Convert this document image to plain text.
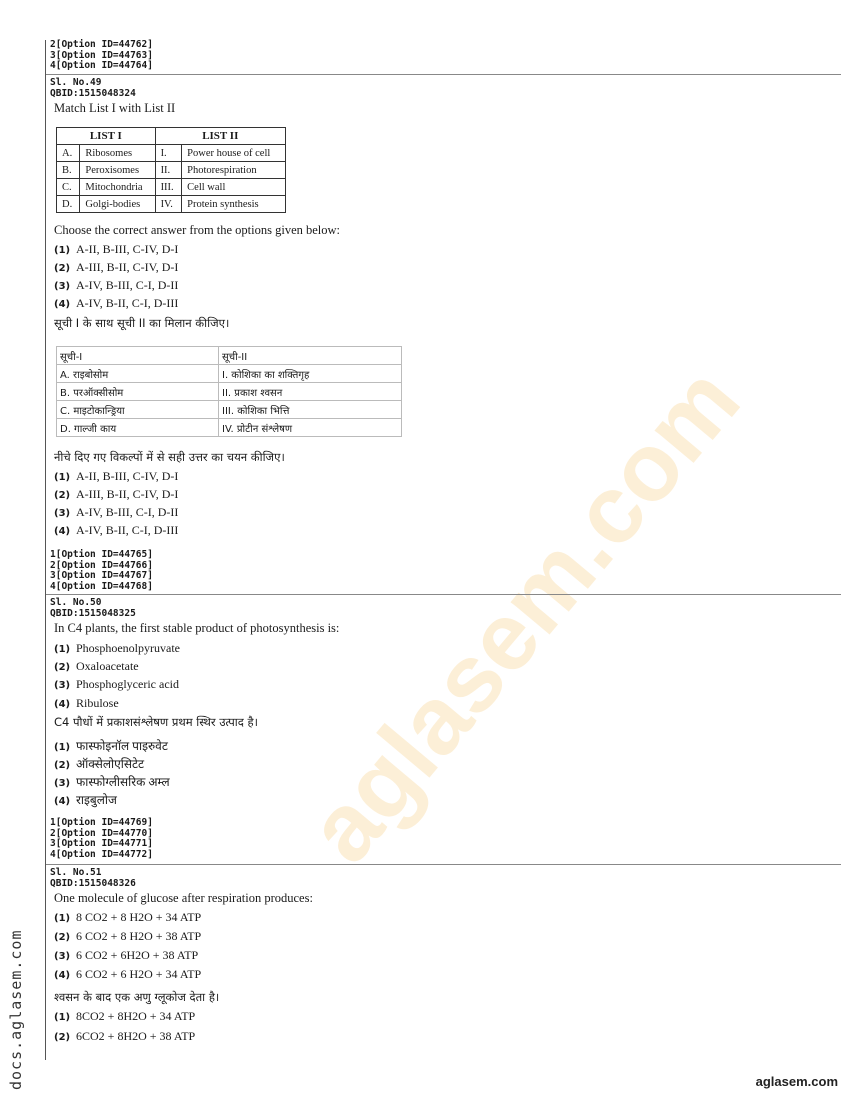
aglasem.com
docs.aglasem.com
2[Option ID=44762]
3[Option ID=44763]
4[Option ID=44764]
Sl. No.49
QBID:1515048324
Match List I with List II
LIST I		LIST II	
A.	Ribosomes	I.	Power house of cell
B.	Peroxisomes	II.	Photorespiration
C.	Mitochondria	III.	Cell wall
D.	Golgi-bodies	IV.	Protein synthesis
Choose the correct answer from the options given below:
(1) A-II, B-III, C-IV, D-I
(2) A-III, B-II, C-IV, D-I
(3) A-IV, B-III, C-I, D-II
(4) A-IV, B-II, C-I, D-III
सूची I के साथ सूची II का मिलान कीजिए।
सूची-I	सूची-II
A. राइबोसोम	I. कोशिका का शक्तिगृह
B. परऑक्सीसोम	II. प्रकाश श्वसन
C. माइटोकान्ड्रिया	III. कोशिका भित्ति
D. गाल्जी काय	IV. प्रोटीन संश्लेषण
नीचे दिए गए विकल्पों में से सही उत्तर का चयन कीजिए।
(1) A-II, B-III, C-IV, D-I
(2) A-III, B-II, C-IV, D-I
(3) A-IV, B-III, C-I, D-II
(4) A-IV, B-II, C-I, D-III
1[Option ID=44765]
2[Option ID=44766]
3[Option ID=44767]
4[Option ID=44768]
Sl. No.50
QBID:1515048325
In C4 plants, the first stable product of photosynthesis is:
(1) Phosphoenolpyruvate
(2) Oxaloacetate
(3) Phosphoglyceric acid
(4) Ribulose
C4 पौधों में प्रकाशसंश्लेषण प्रथम स्थिर उत्पाद है।
(1) फास्फोइनॉल पाइरुवेट
(2) ऑक्सेलोएसिटेट
(3) फास्फोग्लीसरिक अम्ल
(4) राइबुलोज
1[Option ID=44769]
2[Option ID=44770]
3[Option ID=44771]
4[Option ID=44772]
Sl. No.51
QBID:1515048326
One molecule of glucose after respiration produces:
(1) 8 CO2 + 8 H2O + 34 ATP
(2) 6 CO2 + 8 H2O + 38 ATP
(3) 6 CO2 + 6H2O + 38 ATP
(4) 6 CO2 + 6 H2O + 34 ATP
श्वसन के बाद एक अणु ग्लूकोज देता है।
(1) 8CO2 + 8H2O + 34 ATP
(2) 6CO2 + 8H2O + 38 ATP
aglasem.com
